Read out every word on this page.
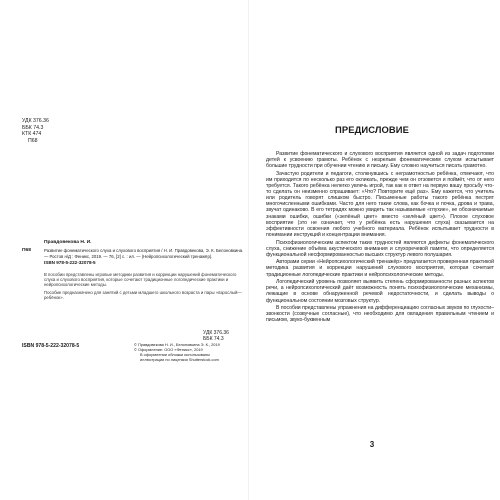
УДК 376.36
ББК 74.3
КТК 474
П68
Правдовекова Н. И.
П68	Развитие фонематического слуха и слухового восприятия / Н. И. Правдовекова, Э. К. Белоновкина. — Ростов н/Д : Феникс, 2019. — 76, [2] с. : ил. — (Нейропсихологический тренажёр).
ISBN 978-5-222-32078-5
В пособии представлены игровые методики развития и коррекции нарушений фонематического слуха и слухового восприятия, которые сочетают традиционные логопедические практики и нейропсихологические методы.
Пособие предназначено для занятий с детьми младшего школьного возраста и пары «взрослый—ребёнок».
УДК 376.36
ББК 74.3
ISBN 978-5-222-32078-5	© Правдовекова Н. И., Белоновкина Э. К., 2019
© Оформление: ООО «Феникс», 2019
В оформлении обложки использованы
иллюстрации по лицензии Shutterstock.com
ПРЕДИСЛОВИЕ

Развитие фонематического и слухового восприятия является одной из задач подготовки детей к усвоению грамоты. Ребёнок с незрелым фонематическим слухом испытывает большие трудности при обучении чтению и письму. Ему сложно научиться писать грамотно.

Зачастую родители и педагоги, столкнувшись с неграмотностью ребёнка, отмечают, что им приходится по несколько раз его окликать, прежде чем он отзовется и поймёт, что от него требуется. Такого ребёнка нелегко увлечь игрой, так как в ответ на первую вашу просьбу что-то сделать он неизменно спрашивает: «Что? Повторите ещё раз». Ему кажется, что учитель или родитель говорят слишком быстро. Письменные работы такого ребёнка пестрят многочисленными ошибками. Часто для него такие слова, как бочка и почка, дрова и трава, звучат одинаково. В его тетрадях можно увидеть так называемые «глухие», не обозначаемые знаками ошибки, ошибки («зелёный цвет» вместо «зелёный цвет»). Плохое слуховое восприятие (это не означает, что у ребёнка есть нарушения слуха) сказывается на эффективности освоения любого учебного материала. Ребёнок испытывает трудности в понимании инструкций и концентрации внимания.

Психофизиологическим аспектом таких трудностей являются дефекты фонематического слуха, снижение объёма акустического внимания и слухоречевой памяти, что определяется функциональной несформированностью высших структур левого полушария.

Авторами серии «Нейропсихологический тренажёр» предлагается проверенная практикой методика развития и коррекции нарушений слухового восприятия, которая сочетает традиционные логопедические практики и нейропсихологические методы.

Логопедический уровень позволяет выявить степень сформированности разных аспектов речи, а нейропсихологический даёт возможность понять психофизиологические механизмы, лежащие в основе обнаруженной речевой недостаточности, и сделать выводы о функциональном состоянии мозговых структур.

В пособии представлены упражнения на дифференциацию согласных звуков по глухости–звонкости (созвучные согласные), что необходимо для овладения правильным чтением и письмом, звуко-буквенным

3
